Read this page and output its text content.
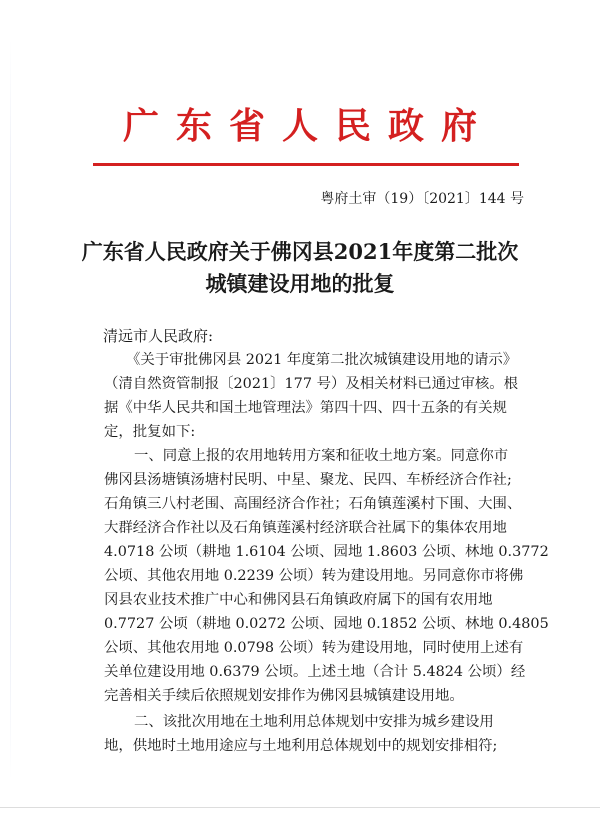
广东省人民政府
粤府土审（19）〔2021〕144 号
广东省人民政府关于佛冈县2021年度第二批次
城镇建设用地的批复
清远市人民政府:
《关于审批佛冈县 2021 年度第二批次城镇建设用地的请示》
（清自然资管制报〔2021〕177 号）及相关材料已通过审核。根
据《中华人民共和国土地管理法》第四十四、四十五条的有关规
定，批复如下:
一、同意上报的农用地转用方案和征收土地方案。同意你市
佛冈县汤塘镇汤塘村民明、中星、聚龙、民四、车桥经济合作社;
石角镇三八村老围、高围经济合作社；石角镇莲溪村下围、大围、
大群经济合作社以及石角镇莲溪村经济联合社属下的集体农用地
4.0718 公顷（耕地 1.6104 公顷、园地 1.8603 公顷、林地 0.3772
公顷、其他农用地 0.2239 公顷）转为建设用地。另同意你市将佛
冈县农业技术推广中心和佛冈县石角镇政府属下的国有农用地
0.7727 公顷（耕地 0.0272 公顷、园地 0.1852 公顷、林地 0.4805
公顷、其他农用地 0.0798 公顷）转为建设用地，同时使用上述有
关单位建设用地 0.6379 公顷。上述土地（合计 5.4824 公顷）经
完善相关手续后依照规划安排作为佛冈县城镇建设用地。
二、该批次用地在土地利用总体规划中安排为城乡建设用
地，供地时土地用途应与土地利用总体规划中的规划安排相符;
